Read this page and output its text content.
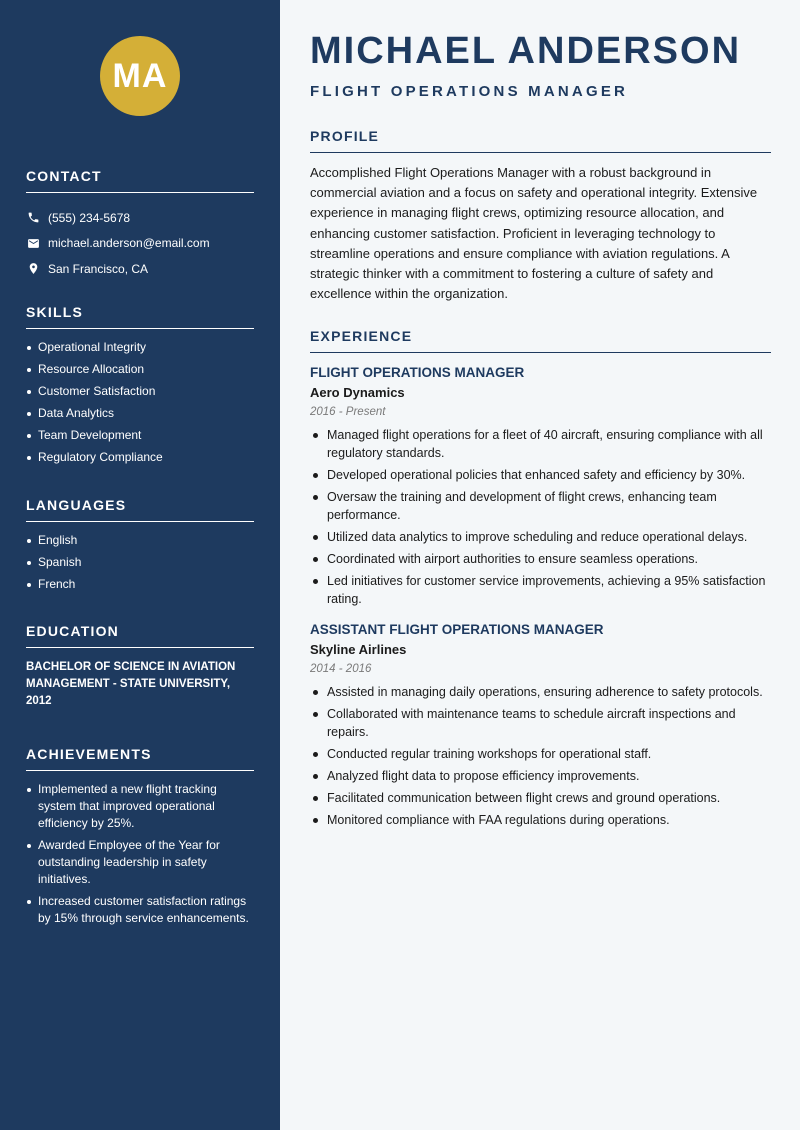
MA
CONTACT
(555) 234-5678
michael.anderson@email.com
San Francisco, CA
SKILLS
Operational Integrity
Resource Allocation
Customer Satisfaction
Data Analytics
Team Development
Regulatory Compliance
LANGUAGES
English
Spanish
French
EDUCATION
BACHELOR OF SCIENCE IN AVIATION MANAGEMENT - STATE UNIVERSITY, 2012
ACHIEVEMENTS
Implemented a new flight tracking system that improved operational efficiency by 25%.
Awarded Employee of the Year for outstanding leadership in safety initiatives.
Increased customer satisfaction ratings by 15% through service enhancements.
MICHAEL ANDERSON
FLIGHT OPERATIONS MANAGER
PROFILE

Accomplished Flight Operations Manager with a robust background in commercial aviation and a focus on safety and operational integrity. Extensive experience in managing flight crews, optimizing resource allocation, and enhancing customer satisfaction. Proficient in leveraging technology to streamline operations and ensure compliance with aviation regulations. A strategic thinker with a commitment to fostering a culture of safety and excellence within the organization.

EXPERIENCE
FLIGHT OPERATIONS MANAGER
Aero Dynamics
2016 - Present
Managed flight operations for a fleet of 40 aircraft, ensuring compliance with all regulatory standards.
Developed operational policies that enhanced safety and efficiency by 30%.
Oversaw the training and development of flight crews, enhancing team performance.
Utilized data analytics to improve scheduling and reduce operational delays.
Coordinated with airport authorities to ensure seamless operations.
Led initiatives for customer service improvements, achieving a 95% satisfaction rating.
ASSISTANT FLIGHT OPERATIONS MANAGER
Skyline Airlines
2014 - 2016
Assisted in managing daily operations, ensuring adherence to safety protocols.
Collaborated with maintenance teams to schedule aircraft inspections and repairs.
Conducted regular training workshops for operational staff.
Analyzed flight data to propose efficiency improvements.
Facilitated communication between flight crews and ground operations.
Monitored compliance with FAA regulations during operations.
